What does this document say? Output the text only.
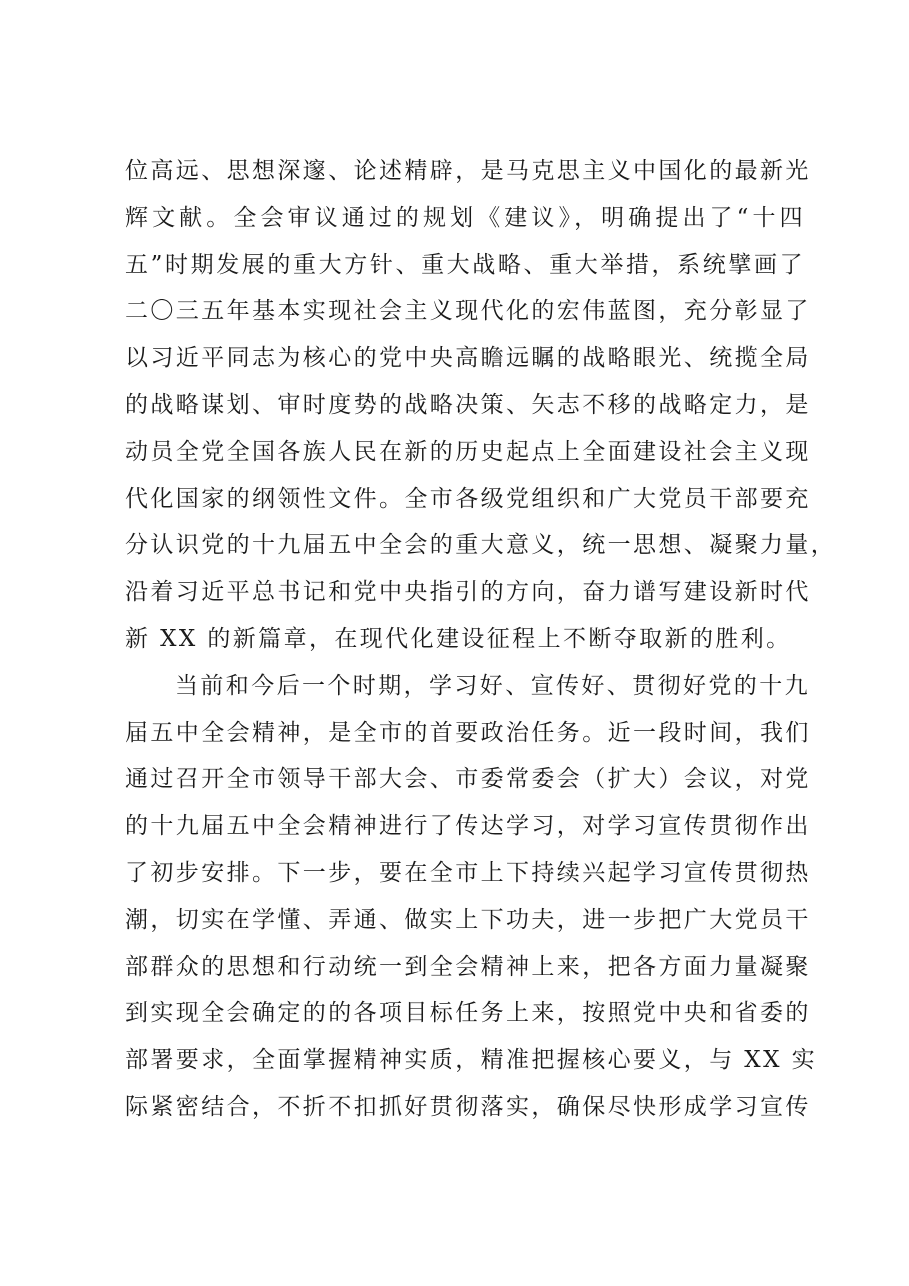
位高远、思想深邃、论述精辟，是马克思主义中国化的最新光
辉文献。全会审议通过的规划《建议》，明确提出了“十四
五”时期发展的重大方针、重大战略、重大举措，系统擘画了
二〇三五年基本实现社会主义现代化的宏伟蓝图，充分彰显了
以习近平同志为核心的党中央高瞻远瞩的战略眼光、统揽全局
的战略谋划、审时度势的战略决策、矢志不移的战略定力，是
动员全党全国各族人民在新的历史起点上全面建设社会主义现
代化国家的纲领性文件。全市各级党组织和广大党员干部要充
分认识党的十九届五中全会的重大意义，统一思想、凝聚力量，
沿着习近平总书记和党中央指引的方向，奋力谱写建设新时代
新 XX 的新篇章，在现代化建设征程上不断夺取新的胜利。
当前和今后一个时期，学习好、宣传好、贯彻好党的十九
届五中全会精神，是全市的首要政治任务。近一段时间，我们
通过召开全市领导干部大会、市委常委会（扩大）会议，对党
的十九届五中全会精神进行了传达学习，对学习宣传贯彻作出
了初步安排。下一步，要在全市上下持续兴起学习宣传贯彻热
潮，切实在学懂、弄通、做实上下功夫，进一步把广大党员干
部群众的思想和行动统一到全会精神上来，把各方面力量凝聚
到实现全会确定的的各项目标任务上来，按照党中央和省委的
部署要求，全面掌握精神实质，精准把握核心要义，与 XX 实
际紧密结合，不折不扣抓好贯彻落实，确保尽快形成学习宣传
